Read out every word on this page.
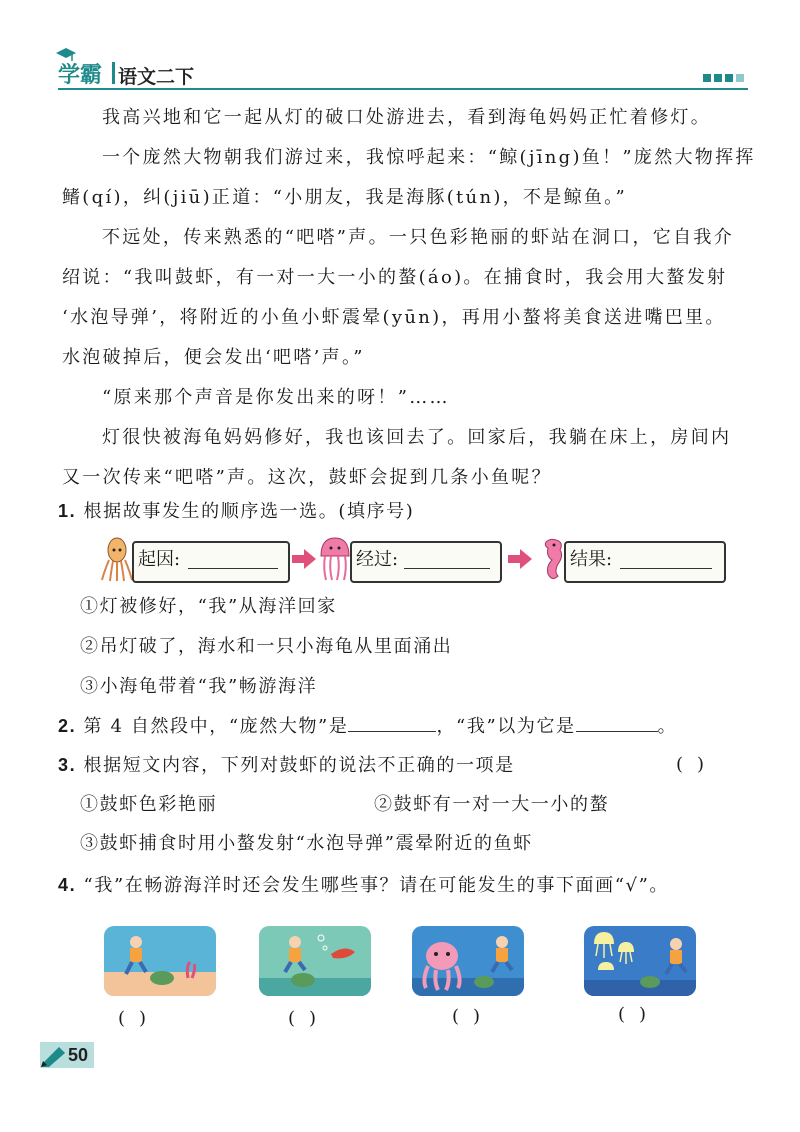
学霸 语文二下
我高兴地和它一起从灯的破口处游进去，看到海龟妈妈正忙着修灯。
一个庞然大物朝我们游过来，我惊呼起来：“鲸(jīng)鱼！”庞然大物挥挥
鳍(qí)，纠(jiū)正道：“小朋友，我是海豚(tún)，不是鲸鱼。”
不远处，传来熟悉的“吧嗒”声。一只色彩艳丽的虾站在洞口，它自我介
绍说：“我叫鼓虾，有一对一大一小的螯(áo)。在捕食时，我会用大螯发射
‘水泡导弹’，将附近的小鱼小虾震晕(yūn)，再用小螯将美食送进嘴巴里。
水泡破掉后，便会发出‘吧嗒’声。”
“原来那个声音是你发出来的呀！”……
灯很快被海龟妈妈修好，我也该回去了。回家后，我躺在床上，房间内
又一次传来“吧嗒”声。这次，鼓虾会捉到几条小鱼呢？
1. 根据故事发生的顺序选一选。(填序号)
起因:	经过:	结果:
①灯被修好，“我”从海洋回家
②吊灯破了，海水和一只小海龟从里面涌出
③小海龟带着“我”畅游海洋
2. 第 4 自然段中，“庞然大物”是	，“我”以为它是	。
3. 根据短文内容，下列对鼓虾的说法不正确的一项是	()
①鼓虾色彩艳丽	②鼓虾有一对一大一小的螯
③鼓虾捕食时用小螯发射“水泡导弹”震晕附近的鱼虾
4. “我”在畅游海洋时还会发生哪些事？请在可能发生的事下面画“√”。
()	()	()	()
50
